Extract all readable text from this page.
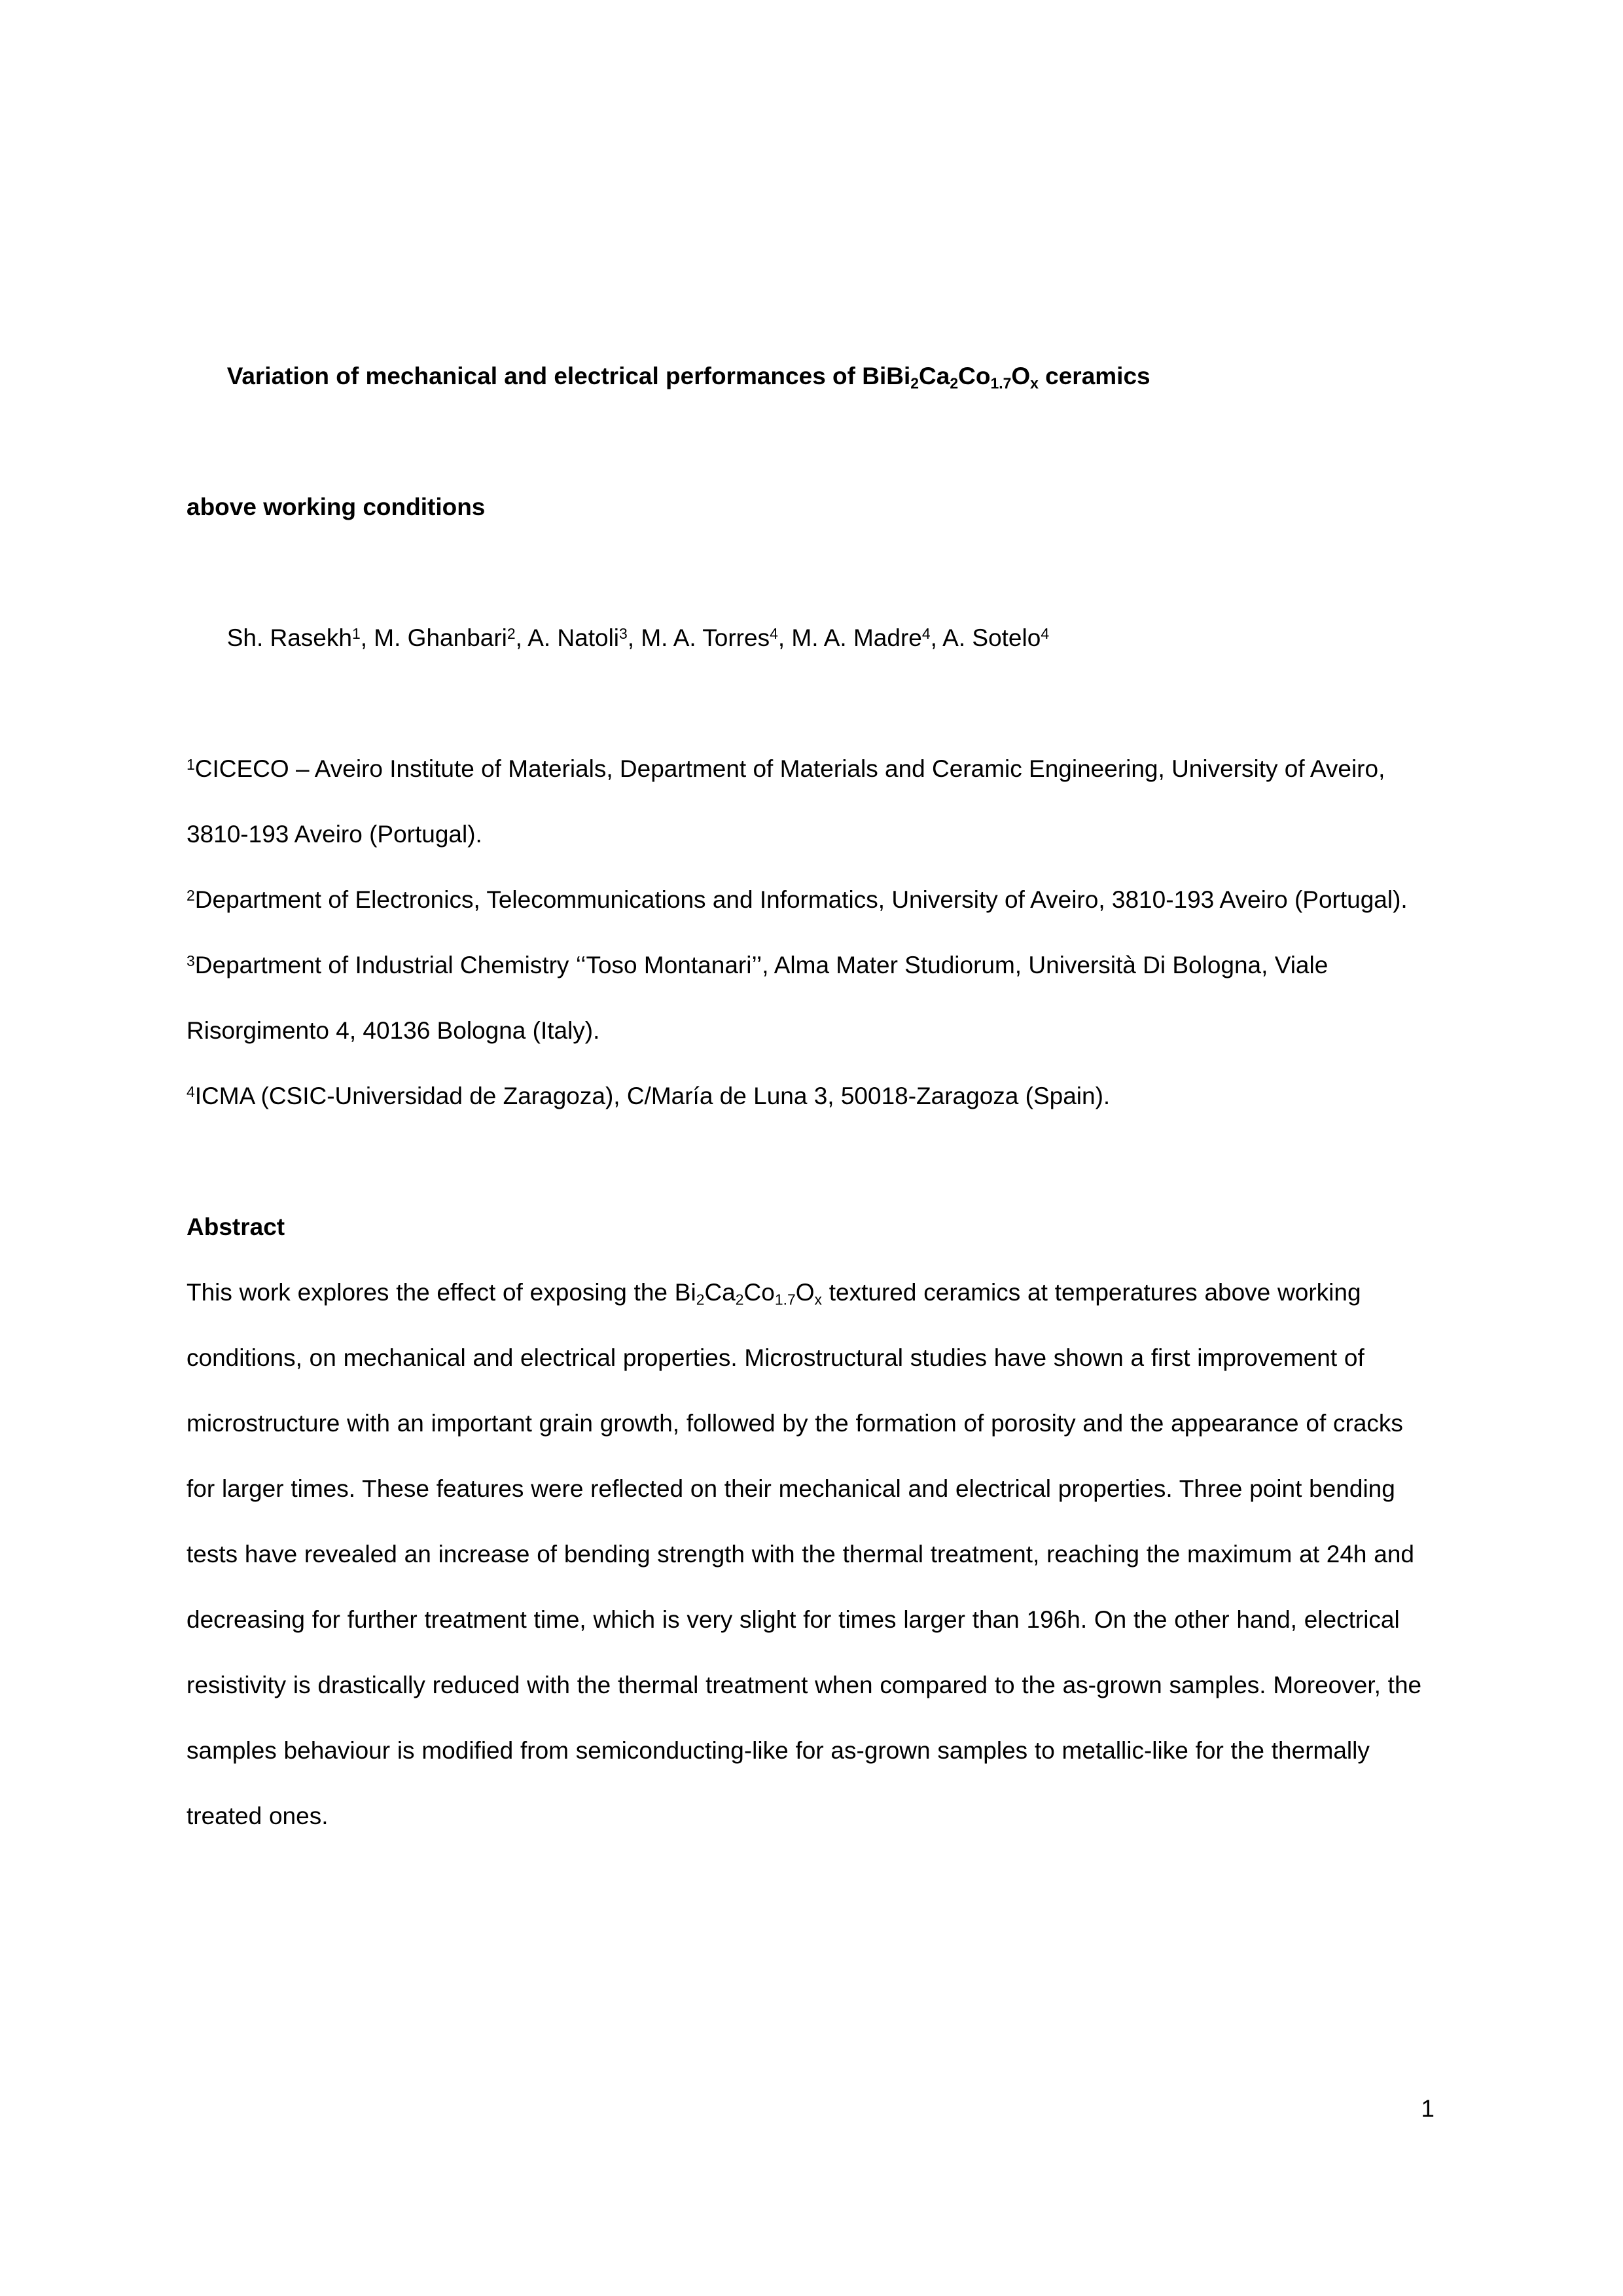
Variation of mechanical and electrical performances of $BiBi_2Ca_2Co_{1.7}O_x$ ceramics

above working conditions

Sh. Rasekh$^1$, M. Ghanbari$^2$, A. Natoli$^3$, M. A. Torres$^4$, M. A. Madre$^4$, A. Sotelo$^4$

$^1$CICECO – Aveiro Institute of Materials, Department of Materials and Ceramic Engineering, University of Aveiro, 3810-193 Aveiro (Portugal).
$^2$Department of Electronics, Telecommunications and Informatics, University of Aveiro, 3810-193 Aveiro (Portugal).
$^3$Department of Industrial Chemistry ‘‘Toso Montanari’’, Alma Mater Studiorum, Università Di Bologna, Viale Risorgimento 4, 40136 Bologna (Italy).
$^4$ICMA (CSIC-Universidad de Zaragoza), C/María de Luna 3, 50018-Zaragoza (Spain).
Abstract
This work explores the effect of exposing the $Bi_2Ca_2Co_{1.7}O_x$ textured ceramics at temperatures above working conditions, on mechanical and electrical properties. Microstructural studies have shown a first improvement of microstructure with an important grain growth, followed by the formation of porosity and the appearance of cracks for larger times. These features were reflected on their mechanical and electrical properties. Three point bending tests have revealed an increase of bending strength with the thermal treatment, reaching the maximum at 24h and decreasing for further treatment time, which is very slight for times larger than 196h. On the other hand, electrical resistivity is drastically reduced with the thermal treatment when compared to the as-grown samples. Moreover, the samples behaviour is modified from semiconducting-like for as-grown samples to metallic-like for the thermally treated ones.
1
